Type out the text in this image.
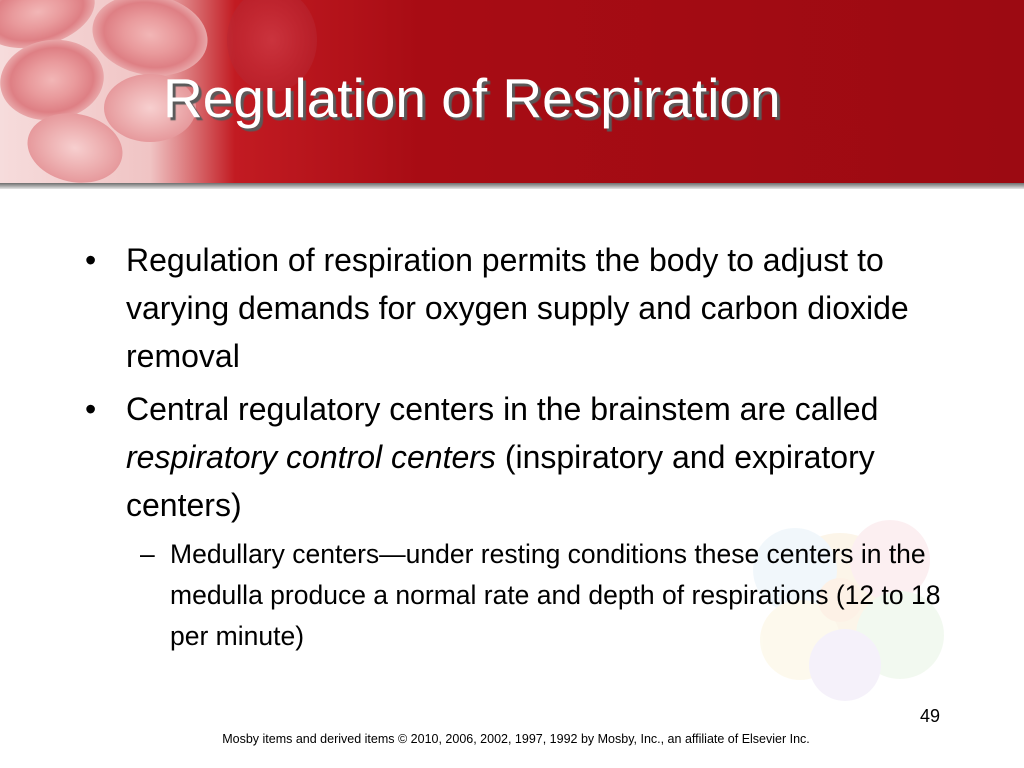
Regulation of Respiration
• Regulation of respiration permits the body to adjust to varying demands for oxygen supply and carbon dioxide removal
• Central regulatory centers in the brainstem are called respiratory control centers (inspiratory and expiratory centers)
– Medullary centers—under resting conditions these centers in the medulla produce a normal rate and depth of respirations (12 to 18 per minute)
49
Mosby items and derived items © 2010, 2006, 2002, 1997, 1992 by Mosby, Inc., an affiliate of Elsevier Inc.
